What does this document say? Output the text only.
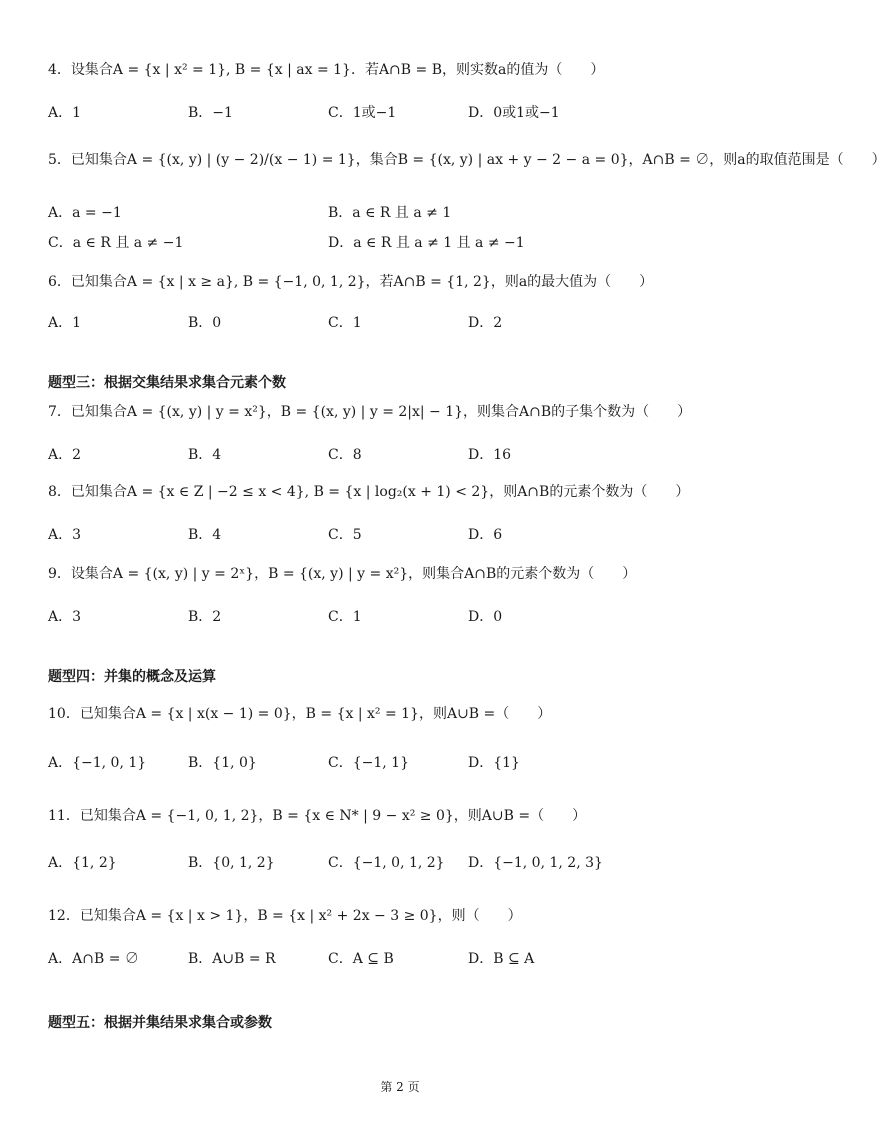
4．设集合A = {x | x² = 1}, B = {x | ax = 1}．若A∩B = B，则实数a的值为（　　）
A．1	B．−1	C．1或−1	D．0或1或−1
5．已知集合A = {(x, y) | (y − 2)/(x − 1) = 1}，集合B = {(x, y) | ax + y − 2 − a = 0}，A∩B = ∅，则a的取值范围是（　　）
A．a = −1	B．a ∈ R 且 a ≠ 1
C．a ∈ R 且 a ≠ −1	D．a ∈ R 且 a ≠ 1 且 a ≠ −1
6．已知集合A = {x | x ≥ a}, B = {−1, 0, 1, 2}，若A∩B = {1, 2}，则a的最大值为（　　）
A．1	B．0	C．1	D．2
题型三：根据交集结果求集合元素个数
7．已知集合A = {(x, y) | y = x²}，B = {(x, y) | y = 2|x| − 1}，则集合A∩B的子集个数为（　　）
A．2	B．4	C．8	D．16
8．已知集合A = {x ∈ Z | −2 ≤ x < 4}, B = {x | log₂(x + 1) < 2}，则A∩B的元素个数为（　　）
A．3	B．4	C．5	D．6
9．设集合A = {(x, y) | y = 2ˣ}，B = {(x, y) | y = x²}，则集合A∩B的元素个数为（　　）
A．3	B．2	C．1	D．0
题型四：并集的概念及运算
10．已知集合A = {x | x(x − 1) = 0}，B = {x | x² = 1}，则A∪B =（　　）
A．{−1, 0, 1}	B．{1, 0}	C．{−1, 1}	D．{1}
11．已知集合A = {−1, 0, 1, 2}，B = {x ∈ N* | 9 − x² ≥ 0}，则A∪B =（　　）
A．{1, 2}	B．{0, 1, 2}	C．{−1, 0, 1, 2} D．{−1, 0, 1, 2, 3}
12．已知集合A = {x | x > 1}，B = {x | x² + 2x − 3 ≥ 0}，则（　　）
A．A∩B = ∅	B．A∪B = R	C．A ⊆ B	D．B ⊆ A
题型五：根据并集结果求集合或参数
第 2 页
